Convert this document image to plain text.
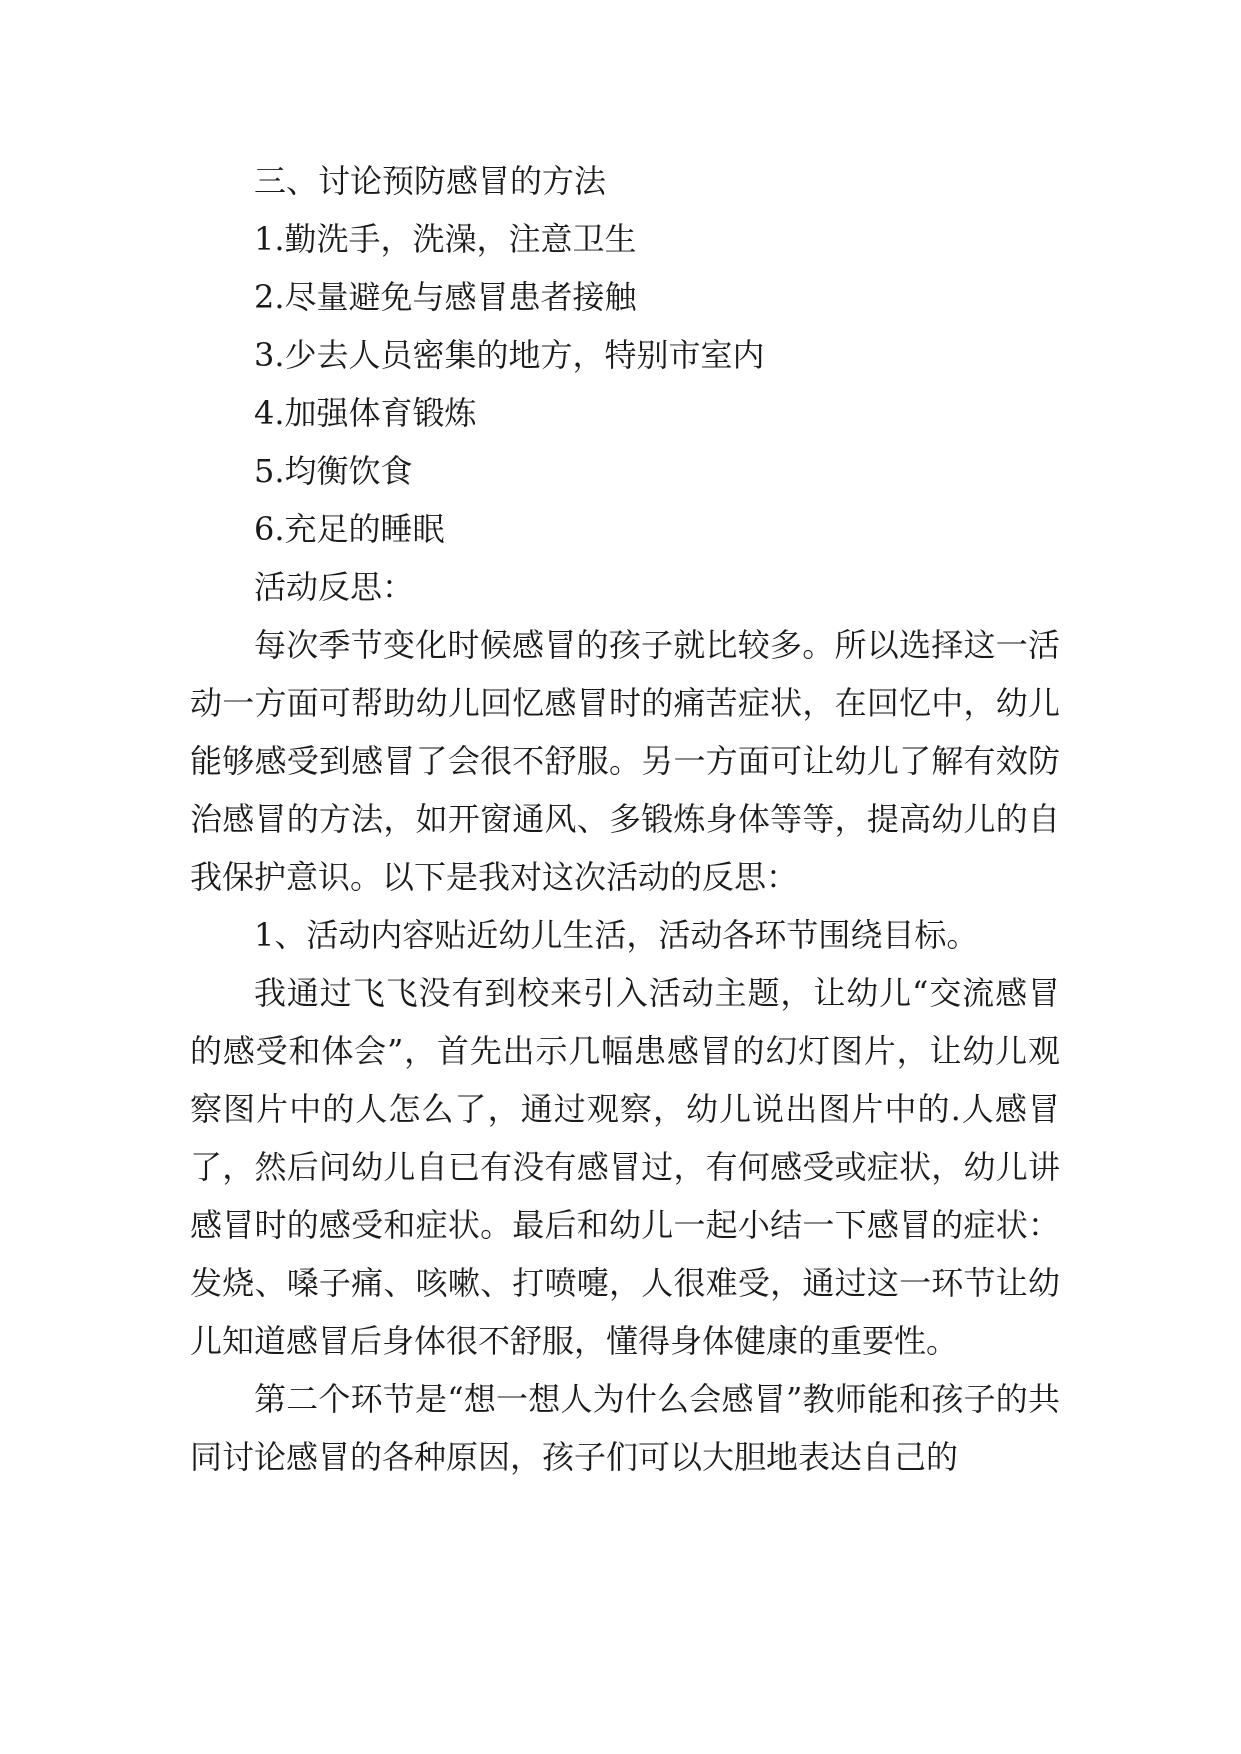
三、讨论预防感冒的方法

1.勤洗手，洗澡，注意卫生

2.尽量避免与感冒患者接触

3.少去人员密集的地方，特别市室内

4.加强体育锻炼

5.均衡饮食

6.充足的睡眠

活动反思：

每次季节变化时候感冒的孩子就比较多。所以选择这一活动一方面可帮助幼儿回忆感冒时的痛苦症状，在回忆中，幼儿能够感受到感冒了会很不舒服。另一方面可让幼儿了解有效防治感冒的方法，如开窗通风、多锻炼身体等等，提高幼儿的自我保护意识。以下是我对这次活动的反思：

1、活动内容贴近幼儿生活，活动各环节围绕目标。

我通过飞飞没有到校来引入活动主题，让幼儿“交流感冒的感受和体会”，首先出示几幅患感冒的幻灯图片，让幼儿观察图片中的人怎么了，通过观察，幼儿说出图片中的.人感冒了，然后问幼儿自已有没有感冒过，有何感受或症状，幼儿讲感冒时的感受和症状。最后和幼儿一起小结一下感冒的症状：发烧、嗓子痛、咳嗽、打喷嚏，人很难受，通过这一环节让幼儿知道感冒后身体很不舒服，懂得身体健康的重要性。

第二个环节是“想一想人为什么会感冒”教师能和孩子的共同讨论感冒的各种原因，孩子们可以大胆地表达自己的
